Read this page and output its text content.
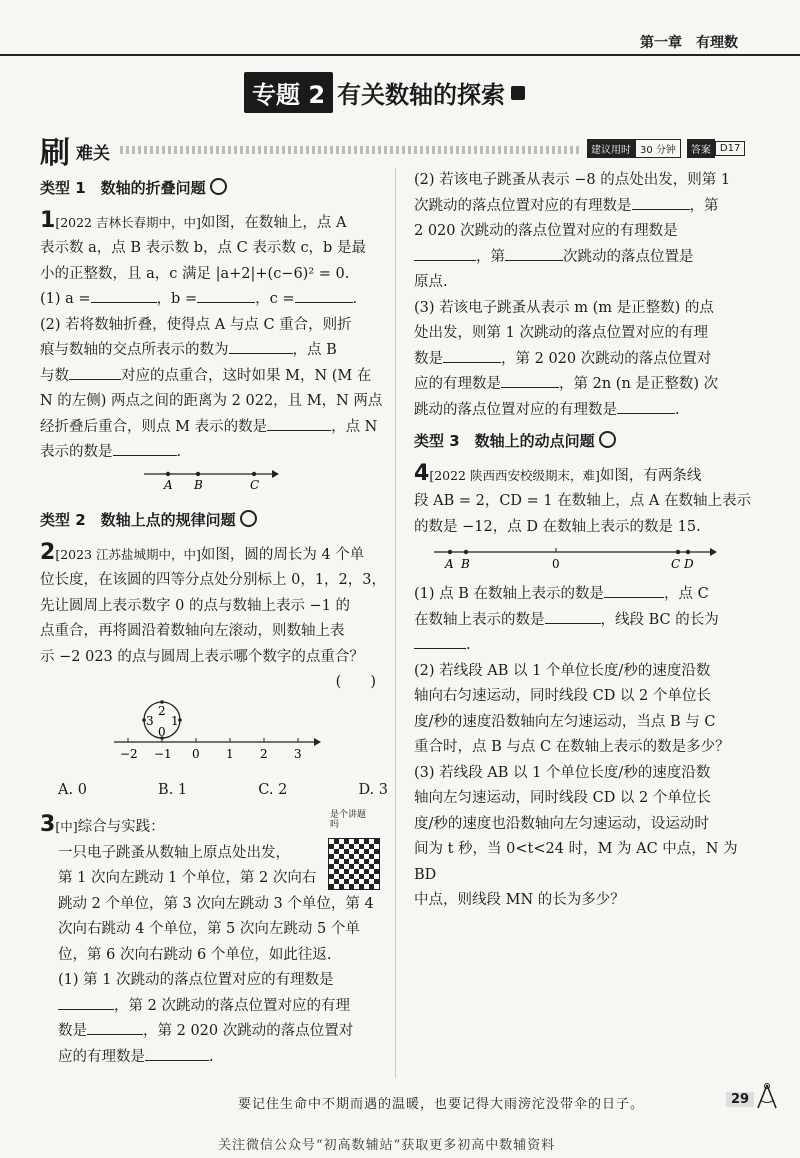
第一章　有理数
专题 2 有关数轴的探索
刷 难关	建议用时 30 分钟	答案 D17

类型 1　数轴的折叠问题

1[2022 吉林长春期中，中]如图，在数轴上，点 A

表示数 a，点 B 表示数 b，点 C 表示数 c，b 是最

小的正整数，且 a，c 满足 |a+2|+(c−6)² = 0.

(1) a =	，b =	，c =	.

(2) 若将数轴折叠，使得点 A 与点 C 重合，则折

痕与数轴的交点所表示的数为	，点 B

与数	对应的点重合，这时如果 M，N (M 在

N 的左侧) 两点之间的距离为 2 022，且 M，N 两点

经折叠后重合，则点 M 表示的数是	，点 N

表示的数是	.

A B	C

类型 2　数轴上点的规律问题

2[2023 江苏盐城期中，中]如图，圆的周长为 4 个单

位长度，在该圆的四等分点处分别标上 0，1，2，3，

先让圆周上表示数字 0 的点与数轴上表示 −1 的

点重合，再将圆沿着数轴向左滚动，则数轴上表

示 −2 023 的点与圆周上表示哪个数字的点重合？

(　　)

2
3 1
0
−2 −1 0 1 2 3
A. 0	B. 1	C. 2	D. 3
是个讲题吗

3[中]综合与实践：

一只电子跳蚤从数轴上原点处出发，

第 1 次向左跳动 1 个单位，第 2 次向右

跳动 2 个单位，第 3 次向左跳动 3 个单位，第 4

次向右跳动 4 个单位，第 5 次向左跳动 5 个单

位，第 6 次向右跳动 6 个单位，如此往返.

(1) 第 1 次跳动的落点位置对应的有理数是

，第 2 次跳动的落点位置对应的有理

数是	，第 2 020 次跳动的落点位置对

应的有理数是	.

(2) 若该电子跳蚤从表示 −8 的点处出发，则第 1

次跳动的落点位置对应的有理数是	，第

2 020 次跳动的落点位置对应的有理数是

，第	次跳动的落点位置是

原点.

(3) 若该电子跳蚤从表示 m (m 是正整数) 的点

处出发，则第 1 次跳动的落点位置对应的有理

数是	，第 2 020 次跳动的落点位置对

应的有理数是	，第 2n (n 是正整数) 次

跳动的落点位置对应的有理数是	.

类型 3　数轴上的动点问题

4[2022 陕西西安校级期末，难]如图，有两条线

段 AB = 2，CD = 1 在数轴上，点 A 在数轴上表示

的数是 −12，点 D 在数轴上表示的数是 15.

A B	0	C D

(1) 点 B 在数轴上表示的数是	，点 C

在数轴上表示的数是	，线段 BC 的长为

.

(2) 若线段 AB 以 1 个单位长度/秒的速度沿数

轴向右匀速运动，同时线段 CD 以 2 个单位长

度/秒的速度沿数轴向左匀速运动，当点 B 与 C

重合时，点 B 与点 C 在数轴上表示的数是多少？

(3) 若线段 AB 以 1 个单位长度/秒的速度沿数

轴向左匀速运动，同时线段 CD 以 2 个单位长

度/秒的速度也沿数轴向左匀速运动，设运动时

间为 t 秒，当 0<t<24 时，M 为 AC 中点，N 为 BD

中点，则线段 MN 的长为多少？

要记住生命中不期而遇的温暖，也要记得大雨滂沱没带伞的日子。	29
关注微信公众号“初高数辅站”获取更多初高中数辅资料
